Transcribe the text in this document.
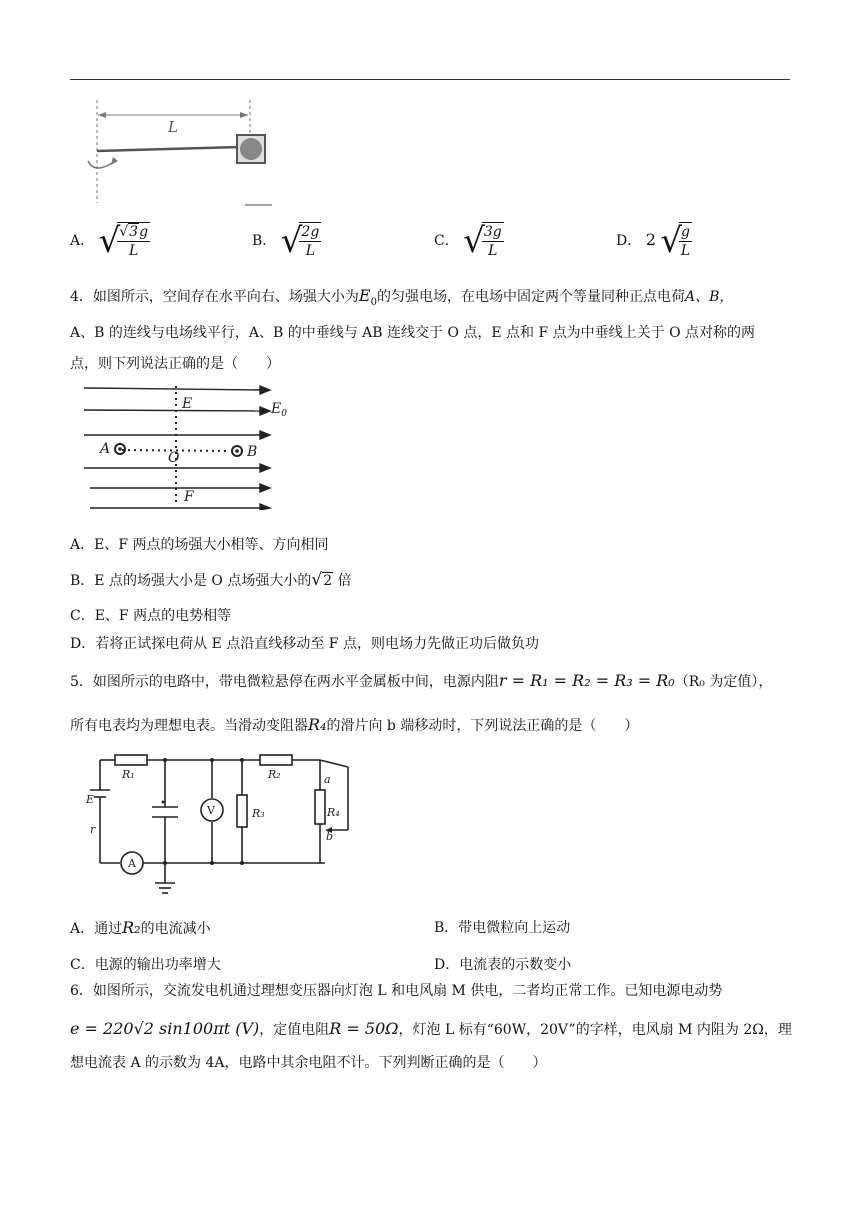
L
A． √
$\frac{√3g}{L}$	B． √
$\frac{2g}{L}$	C． √
$\frac{3g}{L}$	D． 2 √
$\frac{g}{L}$
4．如图所示，空间存在水平向右、场强大小为$E_0$的匀强电场，在电场中固定两个等量同种正点电荷A、B，
A、B 的连线与电场线平行，A、B 的中垂线与 AB 连线交于 O 点，E 点和 F 点为中垂线上关于 O 点对称的两
点，则下列说法正确的是（　　）
E	$E_0$
A	B
O
F
A．E、F 两点的场强大小相等、方向相同
B．E 点的场强大小是 O 点场强大小的√2 倍
C．E、F 两点的电势相等
D．若将正试探电荷从 E 点沿直线移动至 F 点，则电场力先做正功后做负功
5．如图所示的电路中，带电微粒悬停在两水平金属板中间，电源内阻r = R₁ = R₂ = R₃ = R₀（R₀ 为定值），
所有电表均为理想电表。当滑动变阻器R₄的滑片向 b 端移动时，下列说法正确的是（　　）
R₁	R₂
R₃	R₄
E
r
V
A
a
b
A．通过R₂的电流减小	B．带电微粒向上运动
C．电源的输出功率增大	D．电流表的示数变小
6．如图所示，交流发电机通过理想变压器向灯泡 L 和电风扇 M 供电，二者均正常工作。已知电源电动势
e = 220√2 sin100πt (V)，定值电阻R = 50Ω，灯泡 L 标有“60W，20V”的字样，电风扇 M 内阻为 2Ω，理
想电流表 A 的示数为 4A，电路中其余电阻不计。下列判断正确的是（　　）
